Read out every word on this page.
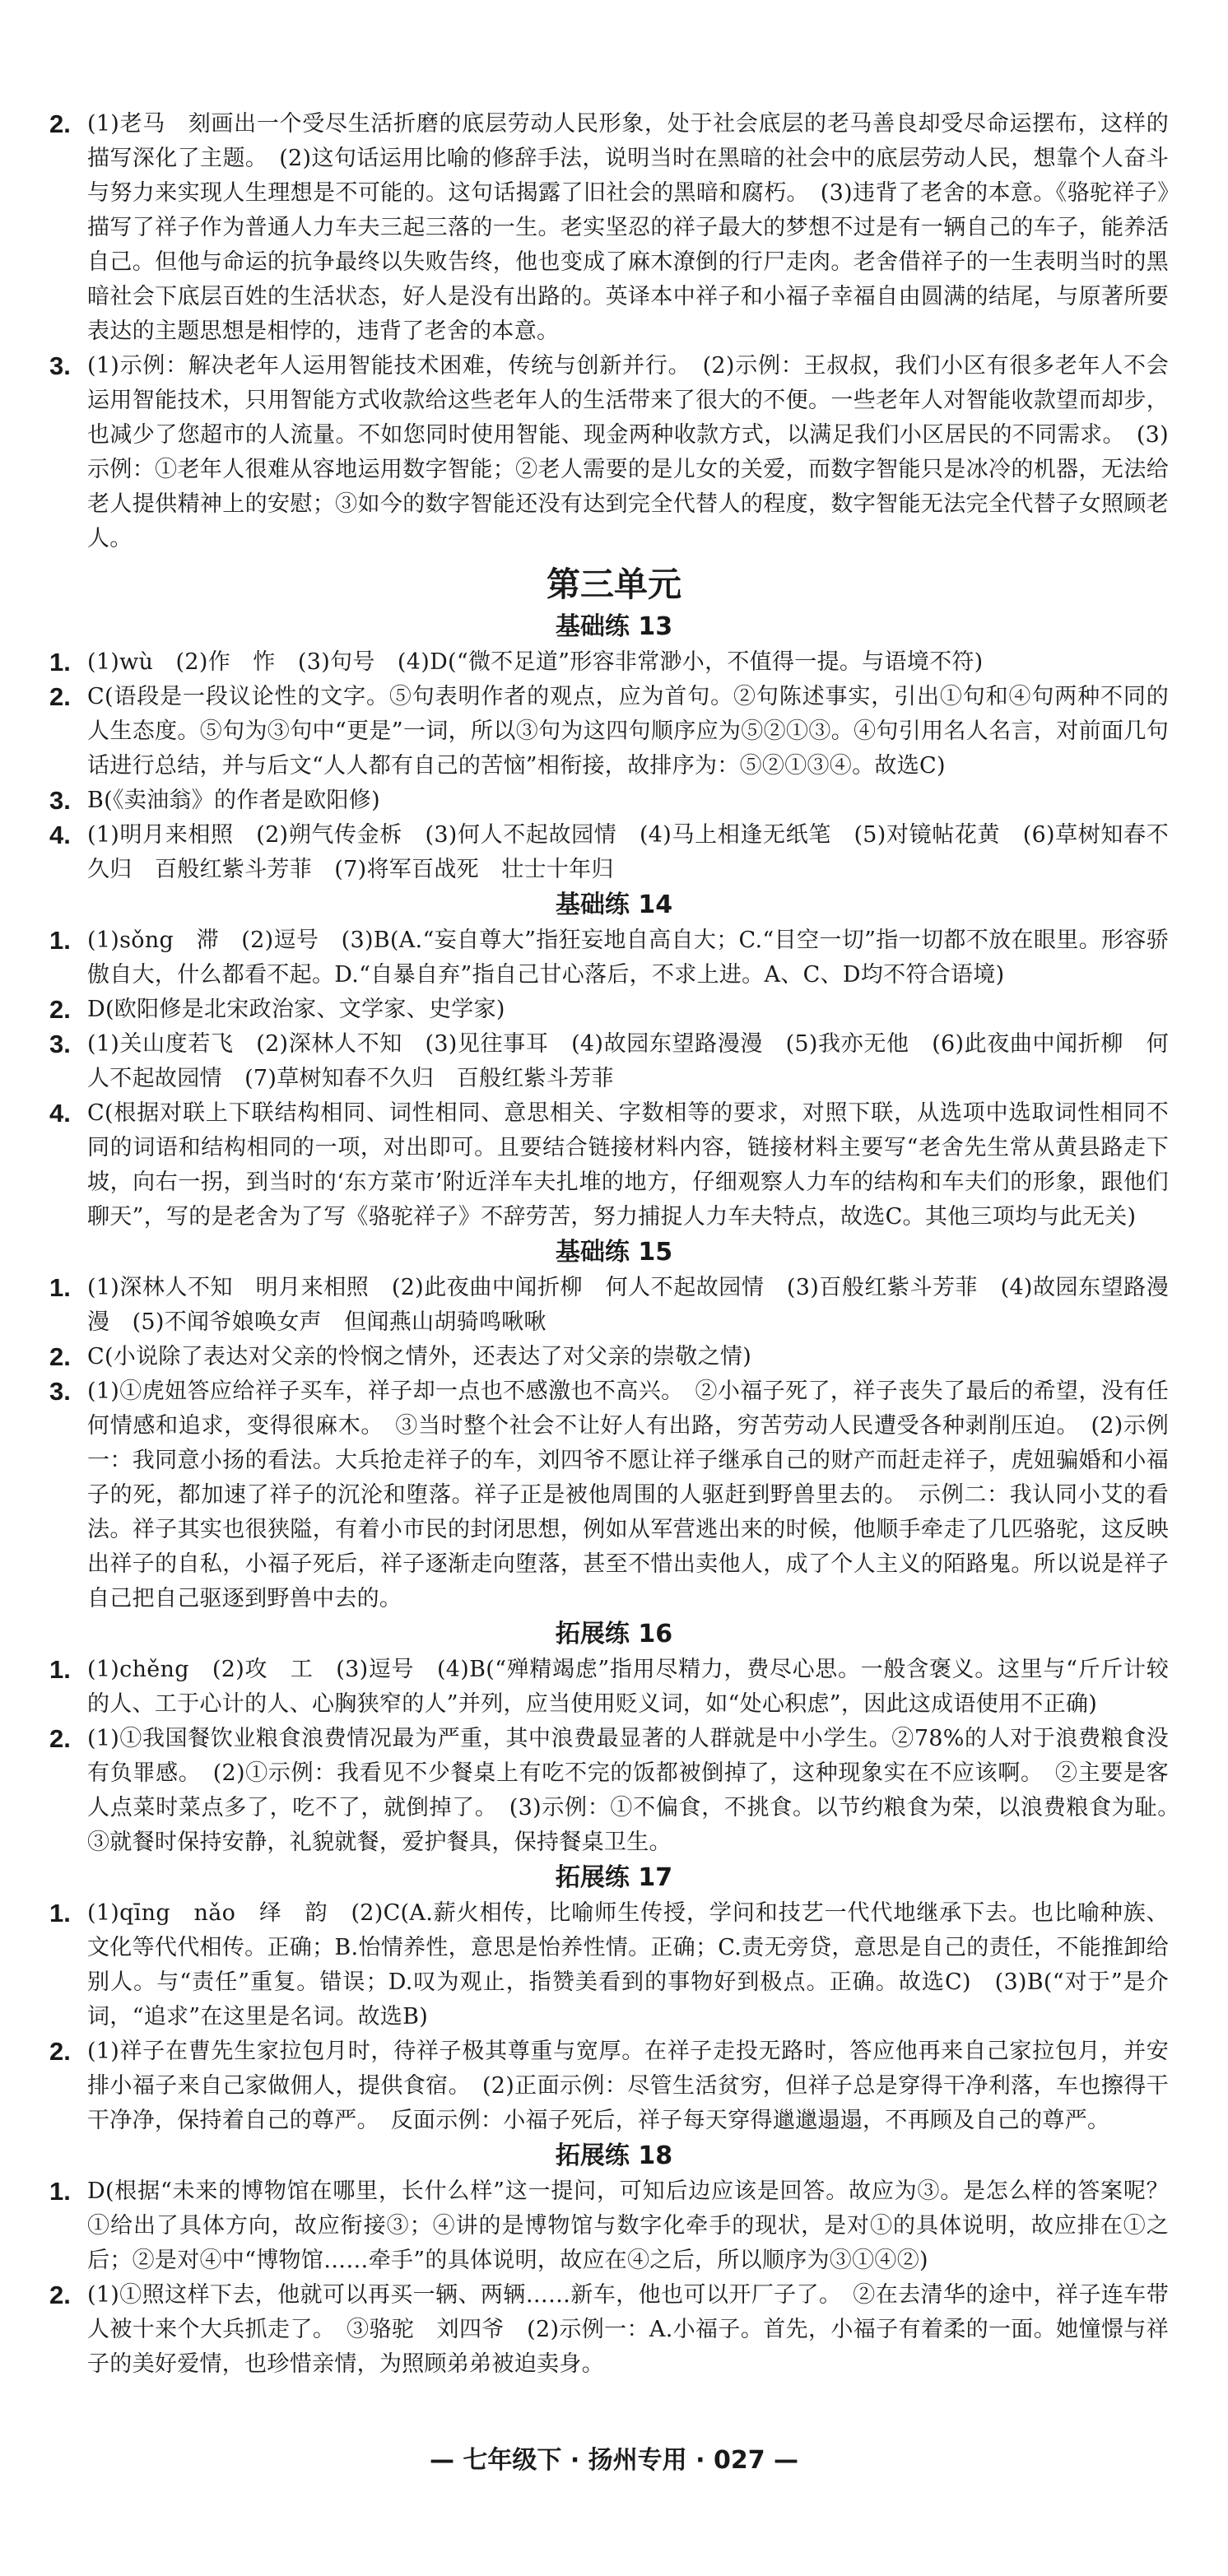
2. (1)老马　刻画出一个受尽生活折磨的底层劳动人民形象，处于社会底层的老马善良却受尽命运摆布，这样的描写深化了主题。　(2)这句话运用比喻的修辞手法，说明当时在黑暗的社会中的底层劳动人民，想靠个人奋斗与努力来实现人生理想是不可能的。这句话揭露了旧社会的黑暗和腐朽。　(3)违背了老舍的本意。《骆驼祥子》描写了祥子作为普通人力车夫三起三落的一生。老实坚忍的祥子最大的梦想不过是有一辆自己的车子，能养活自己。但他与命运的抗争最终以失败告终，他也变成了麻木潦倒的行尸走肉。老舍借祥子的一生表明当时的黑暗社会下底层百姓的生活状态，好人是没有出路的。英译本中祥子和小福子幸福自由圆满的结尾，与原著所要表达的主题思想是相悖的，违背了老舍的本意。
3. (1)示例：解决老年人运用智能技术困难，传统与创新并行。　(2)示例：王叔叔，我们小区有很多老年人不会运用智能技术，只用智能方式收款给这些老年人的生活带来了很大的不便。一些老年人对智能收款望而却步，也减少了您超市的人流量。不如您同时使用智能、现金两种收款方式，以满足我们小区居民的不同需求。　(3)示例：①老年人很难从容地运用数字智能；②老人需要的是儿女的关爱，而数字智能只是冰冷的机器，无法给老人提供精神上的安慰；③如今的数字智能还没有达到完全代替人的程度，数字智能无法完全代替子女照顾老人。
第三单元
基础练 13
1. (1)wù　(2)作　怍　(3)句号　(4)D(“微不足道”形容非常渺小，不值得一提。与语境不符)
2. C(语段是一段议论性的文字。⑤句表明作者的观点，应为首句。②句陈述事实，引出①句和④句两种不同的人生态度。⑤句为③句中“更是”一词，所以③句为这四句顺序应为⑤②①③。④句引用名人名言，对前面几句话进行总结，并与后文“人人都有自己的苦恼”相衔接，故排序为：⑤②①③④。故选C)
3. B(《卖油翁》的作者是欧阳修)
4. (1)明月来相照　(2)朔气传金柝　(3)何人不起故园情　(4)马上相逢无纸笔　(5)对镜帖花黄　(6)草树知春不久归　百般红紫斗芳菲　(7)将军百战死　壮士十年归
基础练 14
1. (1)sǒng　滞　(2)逗号　(3)B(A.“妄自尊大”指狂妄地自高自大；C.“目空一切”指一切都不放在眼里。形容骄傲自大，什么都看不起。D.“自暴自弃”指自己甘心落后，不求上进。A、C、D均不符合语境)
2. D(欧阳修是北宋政治家、文学家、史学家)
3. (1)关山度若飞　(2)深林人不知　(3)见往事耳　(4)故园东望路漫漫　(5)我亦无他　(6)此夜曲中闻折柳　何人不起故园情　(7)草树知春不久归　百般红紫斗芳菲
4. C(根据对联上下联结构相同、词性相同、意思相关、字数相等的要求，对照下联，从选项中选取词性相同不同的词语和结构相同的一项，对出即可。且要结合链接材料内容，链接材料主要写“老舍先生常从黄县路走下坡，向右一拐，到当时的‘东方菜市’附近洋车夫扎堆的地方，仔细观察人力车的结构和车夫们的形象，跟他们聊天”，写的是老舍为了写《骆驼祥子》不辞劳苦，努力捕捉人力车夫特点，故选C。其他三项均与此无关)
基础练 15
1. (1)深林人不知　明月来相照　(2)此夜曲中闻折柳　何人不起故园情　(3)百般红紫斗芳菲　(4)故园东望路漫漫　(5)不闻爷娘唤女声　但闻燕山胡骑鸣啾啾
2. C(小说除了表达对父亲的怜悯之情外，还表达了对父亲的崇敬之情)
3. (1)①虎妞答应给祥子买车，祥子却一点也不感激也不高兴。　②小福子死了，祥子丧失了最后的希望，没有任何情感和追求，变得很麻木。　③当时整个社会不让好人有出路，穷苦劳动人民遭受各种剥削压迫。　(2)示例一：我同意小扬的看法。大兵抢走祥子的车，刘四爷不愿让祥子继承自己的财产而赶走祥子，虎妞骗婚和小福子的死，都加速了祥子的沉沦和堕落。祥子正是被他周围的人驱赶到野兽里去的。　示例二：我认同小艾的看法。祥子其实也很狭隘，有着小市民的封闭思想，例如从军营逃出来的时候，他顺手牵走了几匹骆驼，这反映出祥子的自私，小福子死后，祥子逐渐走向堕落，甚至不惜出卖他人，成了个人主义的陌路鬼。所以说是祥子自己把自己驱逐到野兽中去的。
拓展练 16
1. (1)chěng　(2)攻　工　(3)逗号　(4)B(“殚精竭虑”指用尽精力，费尽心思。一般含褒义。这里与“斤斤计较的人、工于心计的人、心胸狭窄的人”并列，应当使用贬义词，如“处心积虑”，因此这成语使用不正确)
2. (1)①我国餐饮业粮食浪费情况最为严重，其中浪费最显著的人群就是中小学生。②78%的人对于浪费粮食没有负罪感。　(2)①示例：我看见不少餐桌上有吃不完的饭都被倒掉了，这种现象实在不应该啊。　②主要是客人点菜时菜点多了，吃不了，就倒掉了。　(3)示例：①不偏食，不挑食。以节约粮食为荣，以浪费粮食为耻。　③就餐时保持安静，礼貌就餐，爱护餐具，保持餐桌卫生。
拓展练 17
1. (1)qīng　nǎo　绎　韵　(2)C(A.薪火相传，比喻师生传授，学问和技艺一代代地继承下去。也比喻种族、文化等代代相传。正确；B.怡情养性，意思是怡养性情。正确；C.责无旁贷，意思是自己的责任，不能推卸给别人。与“责任”重复。错误；D.叹为观止，指赞美看到的事物好到极点。正确。故选C)　(3)B(“对于”是介词，“追求”在这里是名词。故选B)
2. (1)祥子在曹先生家拉包月时，待祥子极其尊重与宽厚。在祥子走投无路时，答应他再来自己家拉包月，并安排小福子来自己家做佣人，提供食宿。　(2)正面示例：尽管生活贫穷，但祥子总是穿得干净利落，车也擦得干干净净，保持着自己的尊严。　反面示例：小福子死后，祥子每天穿得邋邋遢遢，不再顾及自己的尊严。
拓展练 18
1. D(根据“未来的博物馆在哪里，长什么样”这一提问，可知后边应该是回答。故应为③。是怎么样的答案呢？①给出了具体方向，故应衔接③；④讲的是博物馆与数字化牵手的现状，是对①的具体说明，故应排在①之后；②是对④中“博物馆……牵手”的具体说明，故应在④之后，所以顺序为③①④②)
2. (1)①照这样下去，他就可以再买一辆、两辆……新车，他也可以开厂子了。　②在去清华的途中，祥子连车带人被十来个大兵抓走了。　③骆驼　刘四爷　(2)示例一：A.小福子。首先，小福子有着柔的一面。她憧憬与祥子的美好爱情，也珍惜亲情，为照顾弟弟被迫卖身。
— 七年级下 · 扬州专用 · 027 —
